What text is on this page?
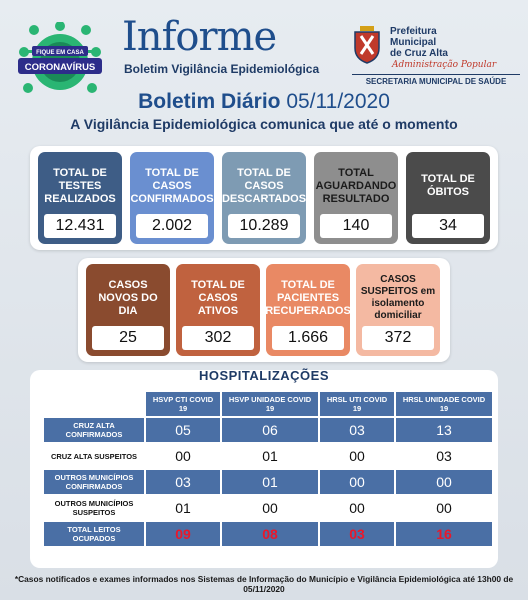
CORONAVÍRUS
FIQUE EM CASA Informe
Boletim Vigilância Epidemiológica
Prefeitura
Municipal
de Cruz Alta
Administração Popular
SECRETARIA MUNICIPAL DE SAÚDE
Boletim Diário 05/11/2020
A Vigilância Epidemiológica comunica que até o momento
TOTAL DE TESTES REALIZADOS
12.431
TOTAL DE CASOS CONFIRMADOS
2.002
TOTAL DE CASOS DESCARTADOS
10.289
TOTAL AGUARDANDO RESULTADO
140
TOTAL DE ÓBITOS
34
CASOS NOVOS DO DIA
25
TOTAL DE CASOS ATIVOS
302
TOTAL DE PACIENTES RECUPERADOS
1.666
CASOS SUSPEITOS em isolamento domiciliar
372
HOSPITALIZAÇÕES
	HSVP CTI COVID 19	HSVP UNIDADE COVID 19	HRSL UTI COVID 19	HRSL UNIDADE COVID 19
CRUZ ALTA CONFIRMADOS	05	06	03	13
CRUZ ALTA SUSPEITOS	00	01	00	03
OUTROS MUNICÍPIOS CONFIRMADOS	03	01	00	00
OUTROS MUNICÍPIOS SUSPEITOS	01	00	00	00
TOTAL LEITOS OCUPADOS	09	08	03	16
*Casos notificados e exames informados nos Sistemas de Informação do Município e Vigilância Epidemiológica até 13h00 de 05/11/2020
